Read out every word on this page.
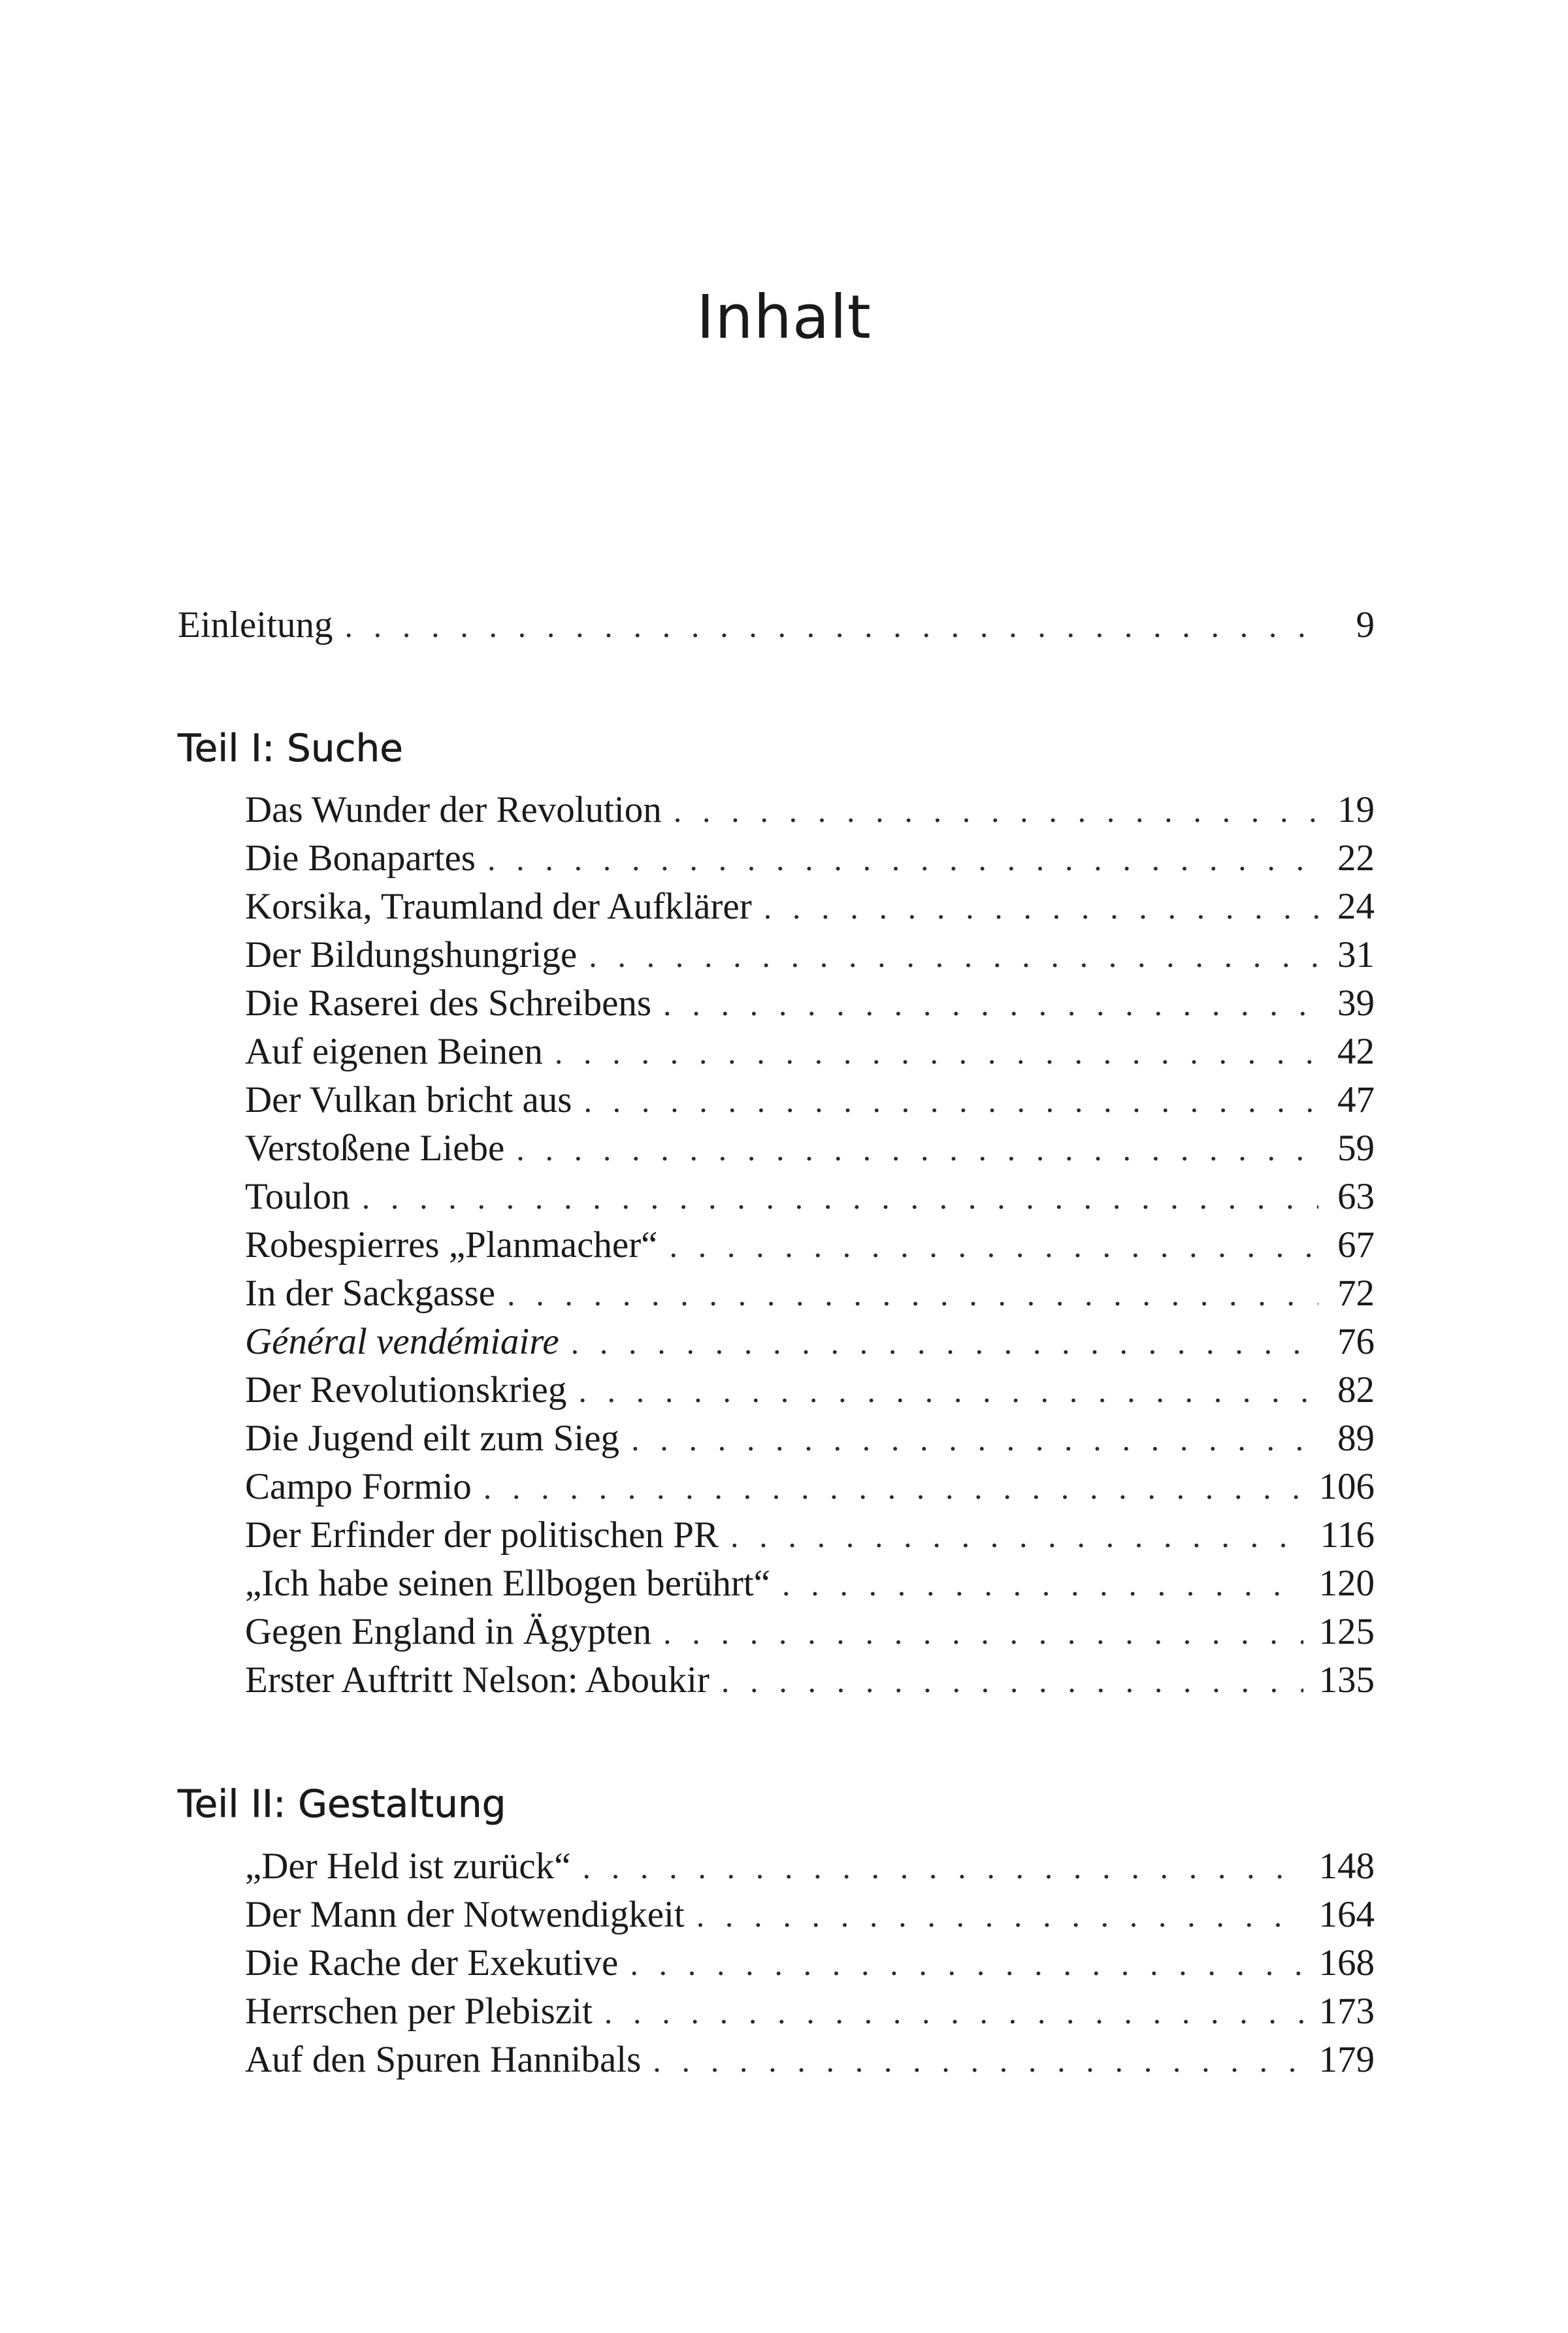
Inhalt
Einleitung . . .	9
Teil I: Suche
Das Wunder der Revolution . . .	19
Die Bonapartes . . .	22
Korsika, Traumland der Aufklärer . . .	24
Der Bildungshungrige . . .	31
Die Raserei des Schreibens . . .	39
Auf eigenen Beinen . . .	42
Der Vulkan bricht aus . . .	47
Verstoßene Liebe . . .	59
Toulon . . .	63
Robespierres „Planmacher“ . . .	67
In der Sackgasse . . .	72
Général vendémiaire . . .	76
Der Revolutionskrieg . . .	82
Die Jugend eilt zum Sieg . . .	89
Campo Formio . . .	106
Der Erfinder der politischen PR . . .	116
„Ich habe seinen Ellbogen berührt“ . . .	120
Gegen England in Ägypten . . .	125
Erster Auftritt Nelson: Aboukir . . .	135
Teil II: Gestaltung
„Der Held ist zurück“ . . .	148
Der Mann der Notwendigkeit . . .	164
Die Rache der Exekutive . . .	168
Herrschen per Plebiszit . . .	173
Auf den Spuren Hannibals . . .	179
